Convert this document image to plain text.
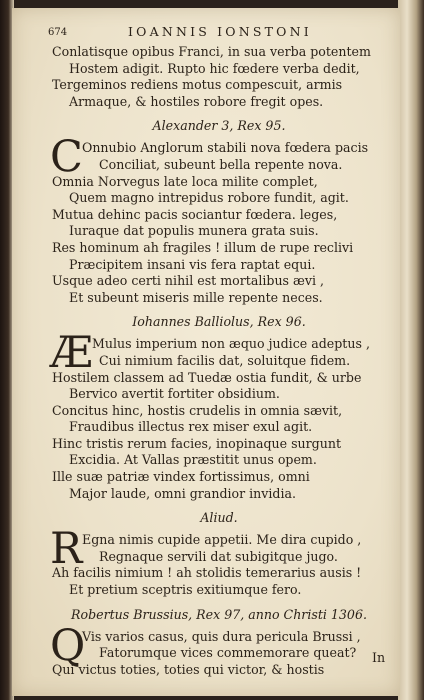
674	IOANNIS IONSTONI
Conlatisque opibus Franci, in sua verba potentem
Hostem adigit. Rupto hic fœdere verba dedit,
Tergeminos rediens motus compescuit, armis
Armaque, & hostiles robore fregit opes.
Alexander 3, Rex 95.
C Onnubio Anglorum stabili nova fœdera pacis
Conciliat, subeunt bella repente nova.
Omnia Norvegus late loca milite complet,
Quem magno intrepidus robore fundit, agit.
Mutua dehinc pacis sociantur fœdera. leges,
Iuraque dat populis munera grata suis.
Res hominum ah fragiles ! illum de rupe reclivi
Præcipitem insani vis fera raptat equi.
Usque adeo certi nihil est mortalibus ævi ,
Et subeunt miseris mille repente neces.
Iohannes Balliolus, Rex 96.
Æ
Mulus imperium non æquo judice adeptus ,
Cui nimium facilis dat, soluitque fidem.
Hostilem classem ad Tuedæ ostia fundit, & urbe
Bervico avertit fortiter obsidium.
Concitus hinc, hostis crudelis in omnia sævit,
Fraudibus illectus rex miser exul agit.
Hinc tristis rerum facies, inopinaque surgunt
Excidia. At Vallas præstitit unus opem.
Ille suæ patriæ vindex fortissimus, omni
Major laude, omni grandior invidia.
Aliud.
R Egna nimis cupide appetii. Me dira cupido ,
Regnaque servili dat subigitque jugo.
Ah facilis nimium ! ah stolidis temerarius ausis !
Et pretium sceptris exitiumque fero.
Robertus Brussius, Rex 97, anno Christi 1306.
Q
Vis varios casus, quis dura pericula Brussi ,
Fatorumque vices commemorare queat?
Qui victus toties, toties qui victor, & hostis
In
